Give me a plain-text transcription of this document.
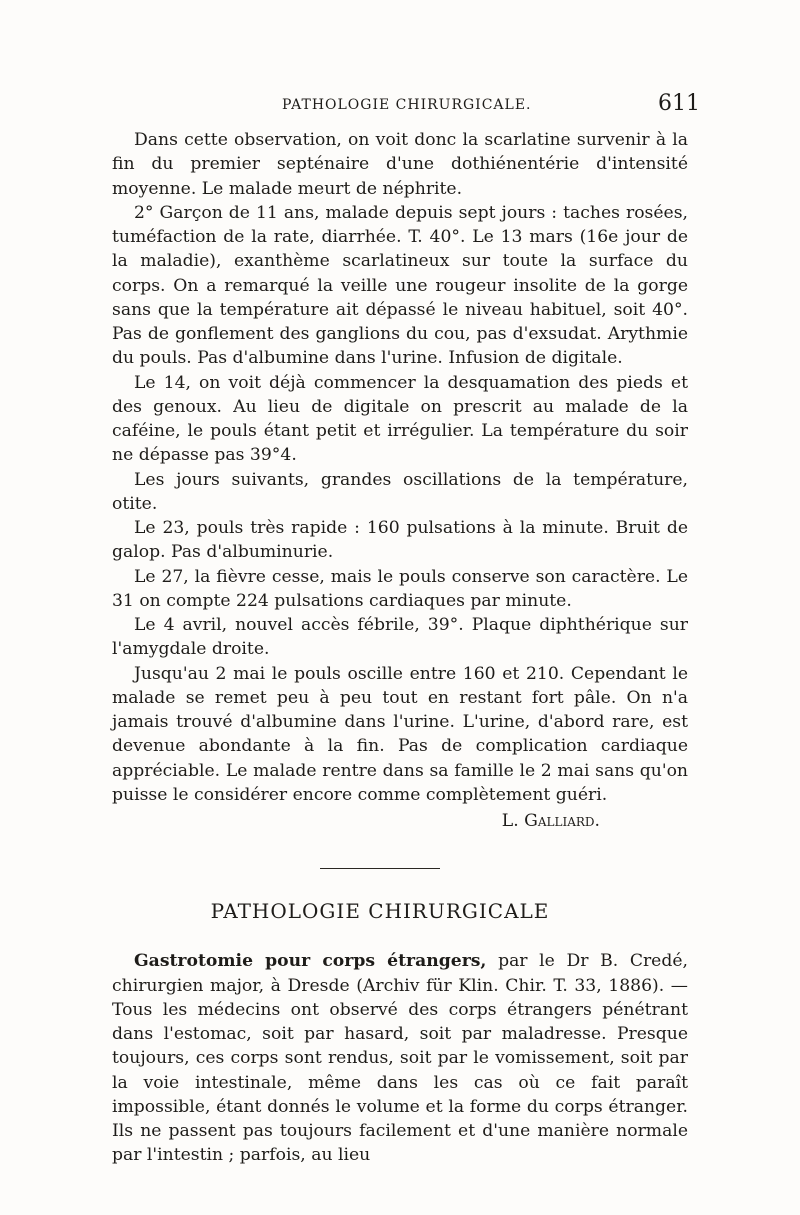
PATHOLOGIE CHIRURGICALE.	611

Dans cette observation, on voit donc la scarlatine survenir à la fin du premier septénaire d'une dothiénentérie d'intensité moyenne. Le malade meurt de néphrite.

2° Garçon de 11 ans, malade depuis sept jours : taches rosées, tuméfaction de la rate, diarrhée. T. 40°. Le 13 mars (16e jour de la maladie), exanthème scarlatineux sur toute la surface du corps. On a remarqué la veille une rougeur insolite de la gorge sans que la température ait dépassé le niveau habituel, soit 40°. Pas de gonflement des ganglions du cou, pas d'exsudat. Arythmie du pouls. Pas d'albumine dans l'urine. Infusion de digitale.

Le 14, on voit déjà commencer la desquamation des pieds et des genoux. Au lieu de digitale on prescrit au malade de la caféine, le pouls étant petit et irrégulier. La température du soir ne dépasse pas 39°4.

Les jours suivants, grandes oscillations de la température, otite.

Le 23, pouls très rapide : 160 pulsations à la minute. Bruit de galop. Pas d'albuminurie.

Le 27, la fièvre cesse, mais le pouls conserve son caractère. Le 31 on compte 224 pulsations cardiaques par minute.

Le 4 avril, nouvel accès fébrile, 39°. Plaque diphthérique sur l'amygdale droite.

Jusqu'au 2 mai le pouls oscille entre 160 et 210. Cependant le malade se remet peu à peu tout en restant fort pâle. On n'a jamais trouvé d'albumine dans l'urine. L'urine, d'abord rare, est devenue abondante à la fin. Pas de complication cardiaque appréciable. Le malade rentre dans sa famille le 2 mai sans qu'on puisse le considérer encore comme complètement guéri.

L. Galliard.

PATHOLOGIE CHIRURGICALE

Gastrotomie pour corps étrangers, par le Dr B. Credé, chirurgien major, à Dresde (Archiv für Klin. Chir. T. 33, 1886). — Tous les médecins ont observé des corps étrangers pénétrant dans l'estomac, soit par hasard, soit par maladresse. Presque toujours, ces corps sont rendus, soit par le vomissement, soit par la voie intestinale, même dans les cas où ce fait paraît impossible, étant donnés le volume et la forme du corps étranger. Ils ne passent pas toujours facilement et d'une manière normale par l'intestin ; parfois, au lieu
